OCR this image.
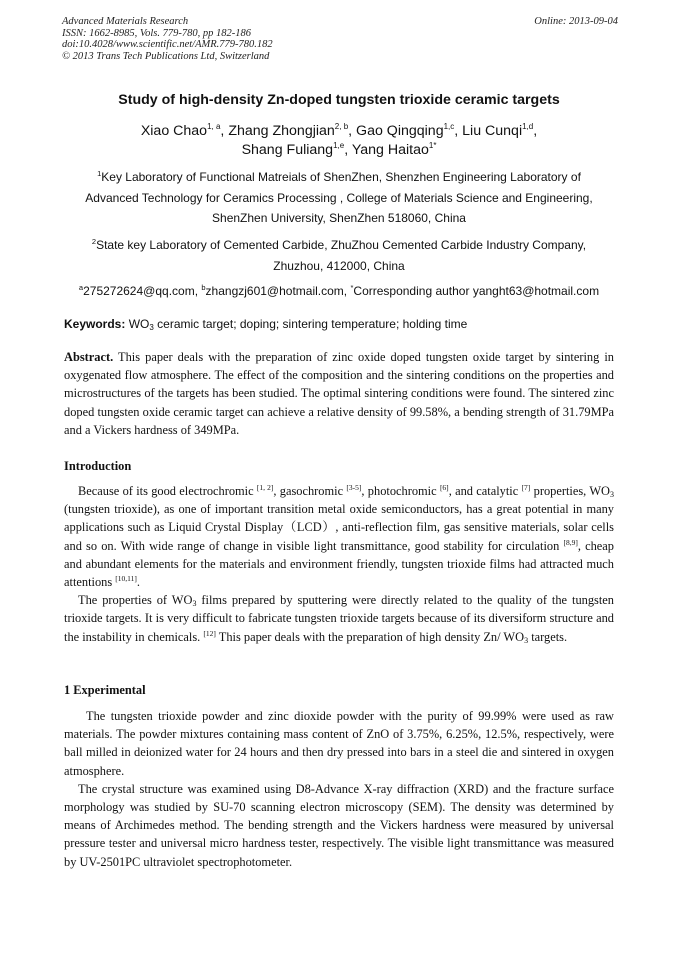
Advanced Materials Research
ISSN: 1662-8985, Vols. 779-780, pp 182-186
doi:10.4028/www.scientific.net/AMR.779-780.182
© 2013 Trans Tech Publications Ltd, Switzerland
Online: 2013-09-04
Study of high-density Zn-doped tungsten trioxide ceramic targets
Xiao Chao$^{1, a}$, Zhang Zhongjian$^{2, b}$, Gao Qingqing$^{1,c}$, Liu Cunqi$^{1,d}$,
Shang Fuliang$^{1,e}$, Yang Haitao$^{1*}$
$^1$Key Laboratory of Functional Matreials of ShenZhen, Shenzhen Engineering Laboratory of
Advanced Technology for Ceramics Processing , College of Materials Science and Engineering,
ShenZhen University, ShenZhen 518060, China
$^2$State key Laboratory of Cemented Carbide, ZhuZhou Cemented Carbide Industry Company,
Zhuzhou, 412000, China
$^a$275272624@qq.com, $^b$zhangzj601@hotmail.com, *Corresponding author yanght63@hotmail.com
Keywords: $WO_3$ ceramic target; doping; sintering temperature; holding time

Abstract. This paper deals with the preparation of zinc oxide doped tungsten oxide target by sintering in oxygenated flow atmosphere. The effect of the composition and the sintering conditions on the properties and microstructures of the targets has been studied. The optimal sintering conditions were found. The sintered zinc doped tungsten oxide ceramic target can achieve a relative density of 99.58%, a bending strength of 31.79MPa and a Vickers hardness of 349MPa.

Introduction

Because of its good electrochromic [1, 2], gasochromic [3-5], photochromic [6], and catalytic [7] properties, $WO_3$ (tungsten trioxide), as one of important transition metal oxide semiconductors, has a great potential in many applications such as Liquid Crystal Display（LCD）, anti-reflection film, gas sensitive materials, solar cells and so on. With wide range of change in visible light transmittance, good stability for circulation [8,9], cheap and abundant elements for the materials and environment friendly, tungsten trioxide films had attracted much attentions [10,11].

The properties of $WO_3$ films prepared by sputtering were directly related to the quality of the tungsten trioxide targets. It is very difficult to fabricate tungsten trioxide targets because of its diversiform structure and the instability in chemicals. [12] This paper deals with the preparation of high density Zn/ $WO_3$ targets.

1 Experimental

The tungsten trioxide powder and zinc dioxide powder with the purity of 99.99% were used as raw materials. The powder mixtures containing mass content of ZnO of 3.75%, 6.25%, 12.5%, respectively, were ball milled in deionized water for 24 hours and then dry pressed into bars in a steel die and sintered in oxygen atmosphere.

The crystal structure was examined using D8-Advance X-ray diffraction (XRD) and the fracture surface morphology was studied by SU-70 scanning electron microscopy (SEM). The density was determined by means of Archimedes method. The bending strength and the Vickers hardness were measured by universal pressure tester and universal micro hardness tester, respectively. The visible light transmittance was measured by UV-2501PC ultraviolet spectrophotometer.
